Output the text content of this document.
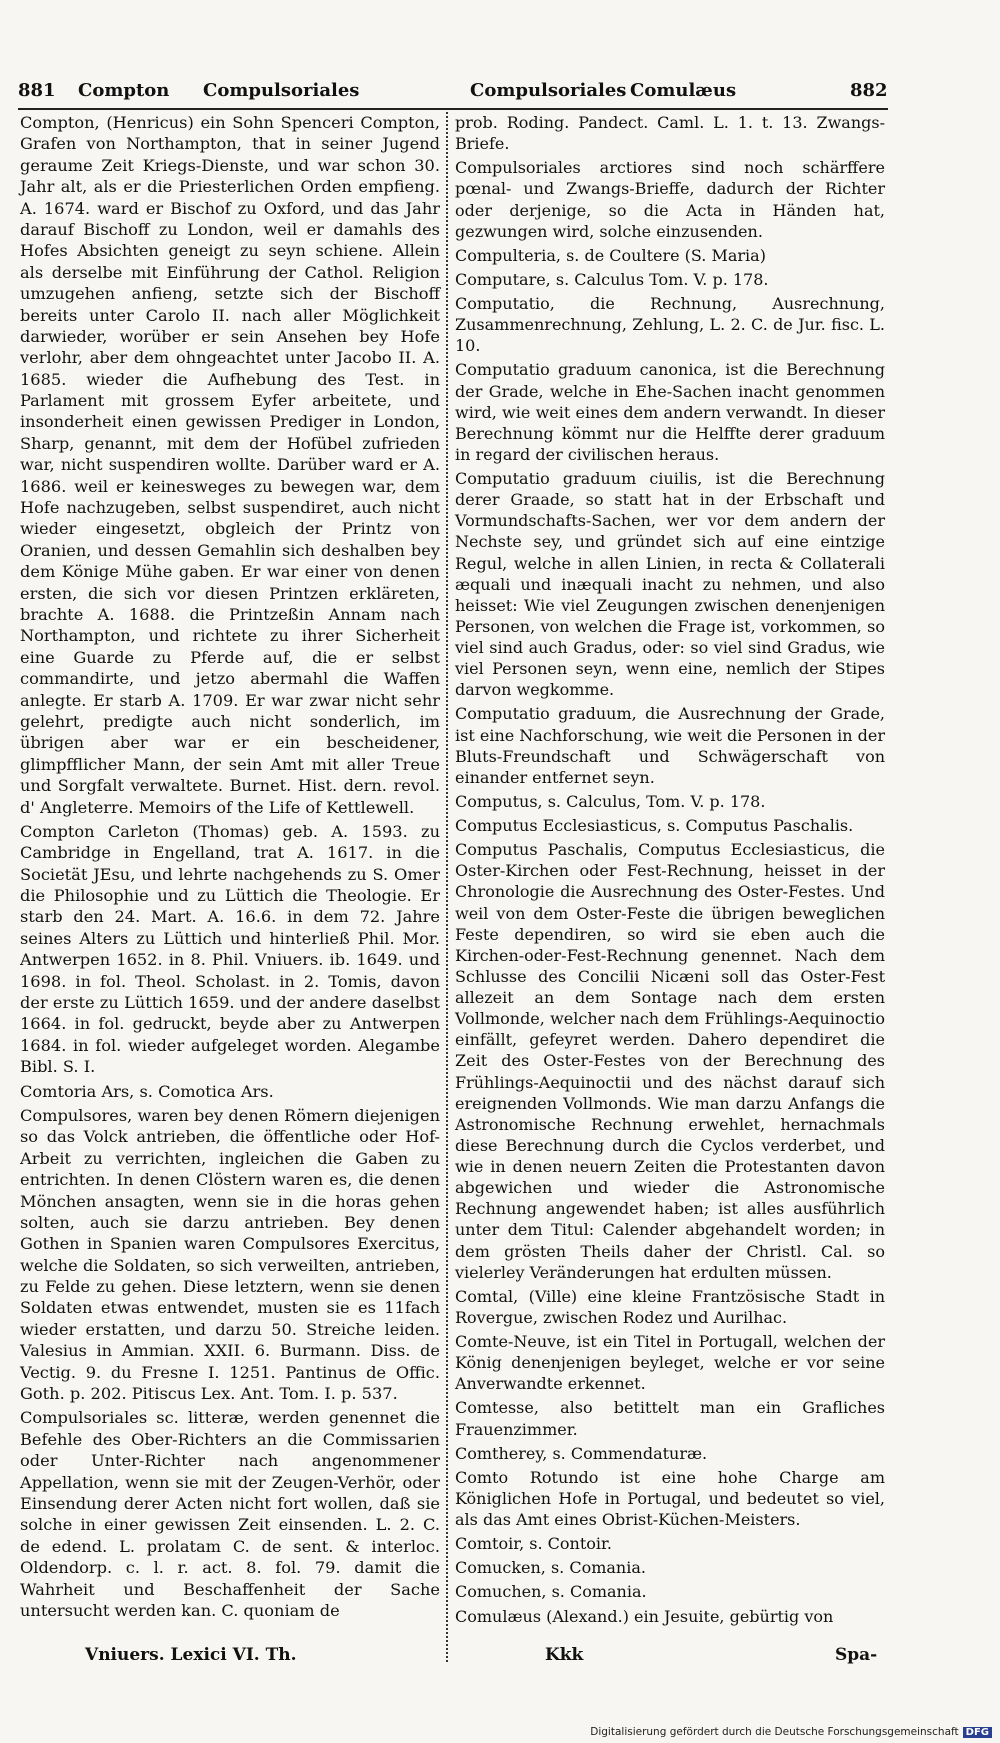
881 Compton Compulsoriales	Compulsoriales Comulæus	882

Compton, (Henricus) ein Sohn Spenceri Compton, Grafen von Northampton, that in seiner Jugend geraume Zeit Kriegs-Dienste, und war schon 30. Jahr alt, als er die Priesterlichen Orden empfieng. A. 1674. ward er Bischof zu Oxford, und das Jahr darauf Bischoff zu London, weil er damahls des Hofes Absichten geneigt zu seyn schiene. Allein als derselbe mit Einführung der Cathol. Religion umzugehen anfieng, setzte sich der Bischoff bereits unter Carolo II. nach aller Möglichkeit darwieder, worüber er sein Ansehen bey Hofe verlohr, aber dem ohngeachtet unter Jacobo II. A. 1685. wieder die Aufhebung des Test. in Parlament mit grossem Eyfer arbeitete, und insonderheit einen gewissen Prediger in London, Sharp, genannt, mit dem der Hofübel zufrieden war, nicht suspendiren wollte. Darüber ward er A. 1686. weil er keinesweges zu bewegen war, dem Hofe nachzugeben, selbst suspendiret, auch nicht wieder eingesetzt, obgleich der Printz von Oranien, und dessen Gemahlin sich deshalben bey dem Könige Mühe gaben. Er war einer von denen ersten, die sich vor diesen Printzen erkläreten, brachte A. 1688. die Printzeßin Annam nach Northampton, und richtete zu ihrer Sicherheit eine Guarde zu Pferde auf, die er selbst commandirte, und jetzo abermahl die Waffen anlegte. Er starb A. 1709. Er war zwar nicht sehr gelehrt, predigte auch nicht sonderlich, im übrigen aber war er ein bescheidener, glimpfflicher Mann, der sein Amt mit aller Treue und Sorgfalt verwaltete. Burnet. Hist. dern. revol. d' Angleterre. Memoirs of the Life of Kettlewell.

Compton Carleton (Thomas) geb. A. 1593. zu Cambridge in Engelland, trat A. 1617. in die Societät JEsu, und lehrte nachgehends zu S. Omer die Philosophie und zu Lüttich die Theologie. Er starb den 24. Mart. A. 16.6. in dem 72. Jahre seines Alters zu Lüttich und hinterließ Phil. Mor. Antwerpen 1652. in 8. Phil. Vniuers. ib. 1649. und 1698. in fol. Theol. Scholast. in 2. Tomis, davon der erste zu Lüttich 1659. und der andere daselbst 1664. in fol. gedruckt, beyde aber zu Antwerpen 1684. in fol. wieder aufgeleget worden. Alegambe Bibl. S. I.

Comtoria Ars, s. Comotica Ars.

Compulsores, waren bey denen Römern diejenigen so das Volck antrieben, die öffentliche oder Hof-Arbeit zu verrichten, ingleichen die Gaben zu entrichten. In denen Clöstern waren es, die denen Mönchen ansagten, wenn sie in die horas gehen solten, auch sie darzu antrieben. Bey denen Gothen in Spanien waren Compulsores Exercitus, welche die Soldaten, so sich verweilten, antrieben, zu Felde zu gehen. Diese letztern, wenn sie denen Soldaten etwas entwendet, musten sie es 11fach wieder erstatten, und darzu 50. Streiche leiden. Valesius in Ammian. XXII. 6. Burmann. Diss. de Vectig. 9. du Fresne I. 1251. Pantinus de Offic. Goth. p. 202. Pitiscus Lex. Ant. Tom. I. p. 537.

Compulsoriales sc. litteræ, werden genennet die Befehle des Ober-Richters an die Commissarien oder Unter-Richter nach angenommener Appellation, wenn sie mit der Zeugen-Verhör, oder Einsendung derer Acten nicht fort wollen, daß sie solche in einer gewissen Zeit einsenden. L. 2. C. de edend. L. prolatam C. de sent. & interloc. Oldendorp. c. l. r. act. 8. fol. 79. damit die Wahrheit und Beschaffenheit der Sache untersucht werden kan. C. quoniam de

prob. Roding. Pandect. Caml. L. 1. t. 13. Zwangs-Briefe.

Compulsoriales arctiores sind noch schärffere pœnal- und Zwangs-Brieffe, dadurch der Richter oder derjenige, so die Acta in Händen hat, gezwungen wird, solche einzusenden.

Compulteria, s. de Coultere (S. Maria)

Computare, s. Calculus Tom. V. p. 178.

Computatio, die Rechnung, Ausrechnung, Zusammenrechnung, Zehlung, L. 2. C. de Jur. fisc. L. 10.

Computatio graduum canonica, ist die Berechnung der Grade, welche in Ehe-Sachen inacht genommen wird, wie weit eines dem andern verwandt. In dieser Berechnung kömmt nur die Helffte derer graduum in regard der civilischen heraus.

Computatio graduum ciuilis, ist die Berechnung derer Graade, so statt hat in der Erbschaft und Vormundschafts-Sachen, wer vor dem andern der Nechste sey, und gründet sich auf eine eintzige Regul, welche in allen Linien, in recta & Collaterali æquali und inæquali inacht zu nehmen, und also heisset: Wie viel Zeugungen zwischen denenjenigen Personen, von welchen die Frage ist, vorkommen, so viel sind auch Gradus, oder: so viel sind Gradus, wie viel Personen seyn, wenn eine, nemlich der Stipes darvon wegkomme.

Computatio graduum, die Ausrechnung der Grade, ist eine Nachforschung, wie weit die Personen in der Bluts-Freundschaft und Schwägerschaft von einander entfernet seyn.

Computus, s. Calculus, Tom. V. p. 178.

Computus Ecclesiasticus, s. Computus Paschalis.

Computus Paschalis, Computus Ecclesiasticus, die Oster-Kirchen oder Fest-Rechnung, heisset in der Chronologie die Ausrechnung des Oster-Festes. Und weil von dem Oster-Feste die übrigen beweglichen Feste dependiren, so wird sie eben auch die Kirchen-oder-Fest-Rechnung genennet. Nach dem Schlusse des Concilii Nicæni soll das Oster-Fest allezeit an dem Sontage nach dem ersten Vollmonde, welcher nach dem Frühlings-Aequinoctio einfällt, gefeyret werden. Dahero dependiret die Zeit des Oster-Festes von der Berechnung des Frühlings-Aequinoctii und des nächst darauf sich ereignenden Vollmonds. Wie man darzu Anfangs die Astronomische Rechnung erwehlet, hernachmals diese Berechnung durch die Cyclos verderbet, und wie in denen neuern Zeiten die Protestanten davon abgewichen und wieder die Astronomische Rechnung angewendet haben; ist alles ausführlich unter dem Titul: Calender abgehandelt worden; in dem grösten Theils daher der Christl. Cal. so vielerley Veränderungen hat erdulten müssen.

Comtal, (Ville) eine kleine Frantzösische Stadt in Rovergue, zwischen Rodez und Aurilhac.

Comte-Neuve, ist ein Titel in Portugall, welchen der König denenjenigen beyleget, welche er vor seine Anverwandte erkennet.

Comtesse, also betittelt man ein Grafliches Frauenzimmer.

Comtherey, s. Commendaturæ.

Comto Rotundo ist eine hohe Charge am Königlichen Hofe in Portugal, und bedeutet so viel, als das Amt eines Obrist-Küchen-Meisters.

Comtoir, s. Contoir.

Comucken, s. Comania.

Comuchen, s. Comania.

Comulæus (Alexand.) ein Jesuite, gebürtig von

Vniuers. Lexici VI. Th.	Kkk	Spa-
Digitalisierung gefördert durch die Deutsche Forschungsgemeinschaft DFG
